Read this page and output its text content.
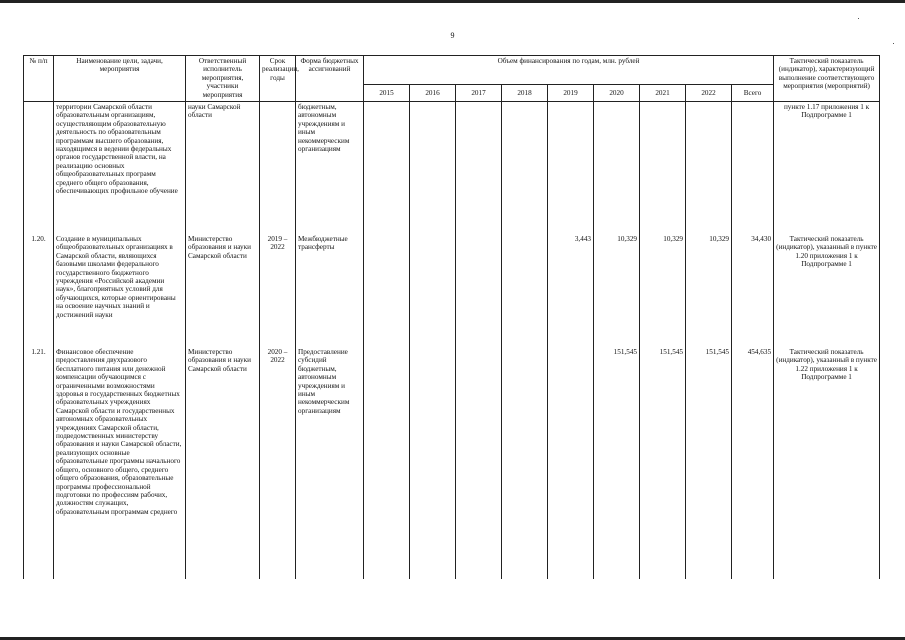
9
№ п/п	Наименование цели, задачи, мероприятия	Ответственный исполнитель мероприятия, участники мероприятия	Срок реализации, годы	Форма бюджетных ассигнований	Объем финансирования по годам, млн. рублей									Тактический показатель (индикатор), характеризующий выполнение соответствующего мероприятия (мероприятий)
					2015	2016	2017	2018	2019	2020	2021	2022	Всего	
	территории Самарской области образовательным организациям, осуществляющим образовательную деятельность по образовательным программам высшего образования, находящимся в ведении федеральных органов государственной власти, на реализацию основных общеобразовательных программ среднего общего образования, обеспечивающих профильное обучение	науки Самарской области		бюджетным, автономным учреждениям и иным некоммерческим организациям										пункте 1.17 приложения 1 к Подпрограмме 1
1.20.	Создание в муниципальных общеобразовательных организациях в Самарской области, являющихся базовыми школами федерального государственного бюджетного учреждения «Российской академии наук», благоприятных условий для обучающихся, которые ориентированы на освоение научных знаний и достижений науки	Министерство образования и науки Самарской области	2019 – 2022	Межбюджетные трансферты					3,443	10,329	10,329	10,329	34,430	Тактический показатель (индикатор), указанный в пункте 1.20 приложения 1 к Подпрограмме 1
1.21.	Финансовое обеспечение предоставления двухразового бесплатного питания или денежной компенсации обучающимся с ограниченными возможностями здоровья в государственных бюджетных образовательных учреждениях Самарской области и государственных автономных образовательных учреждениях Самарской области, подведомственных министерству образования и науки Самарской области, реализующих основные образовательные программы начального общего, основного общего, среднего общего образования, образовательные программы профессиональной подготовки по профессиям рабочих, должностям служащих, образовательным программам среднего	Министерство образования и науки Самарской области	2020 – 2022	Предоставление субсидий бюджетным, автономным учреждениям и иным некоммерческим организациям						151,545	151,545	151,545	454,635	Тактический показатель (индикатор), указанный в пункте 1.22 приложения 1 к Подпрограмме 1
